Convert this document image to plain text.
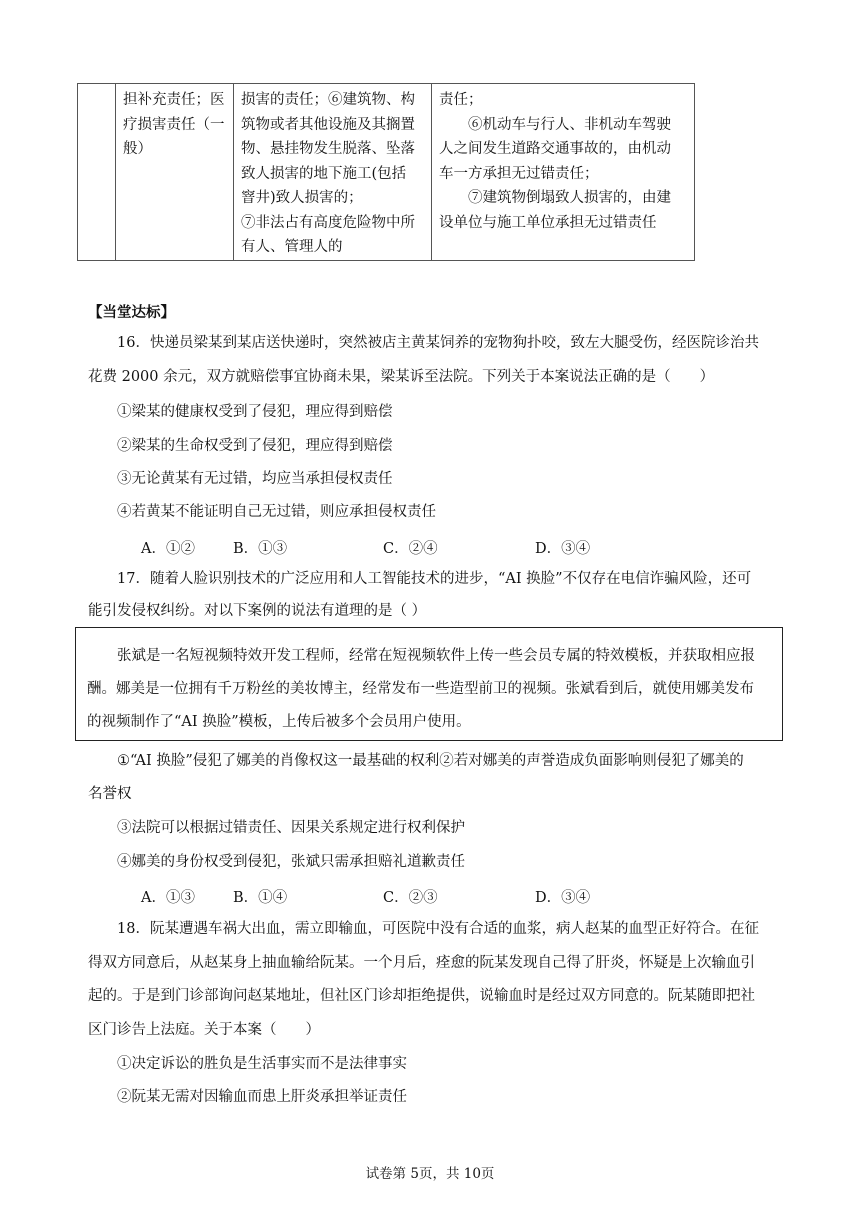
担补充责任；医
疗损害责任（一
般）

损害的责任；⑥建筑物、构
筑物或者其他设施及其搁置
物、悬挂物发生脱落、坠落
致人损害的地下施工(包括
窨井)致人损害的；
⑦非法占有高度危险物中所
有人、管理人的

责任；
⑥机动车与行人、非机动车驾驶
人之间发生道路交通事故的，由机动
车一方承担无过错责任；
⑦建筑物倒塌致人损害的，由建
设单位与施工单位承担无过错责任
【当堂达标】
16．快递员梁某到某店送快递时，突然被店主黄某饲养的宠物狗扑咬，致左大腿受伤，经医院诊治共
花费 2000 余元，双方就赔偿事宜协商未果，梁某诉至法院。下列关于本案说法正确的是（　　）
①梁某的健康权受到了侵犯，理应得到赔偿
②梁某的生命权受到了侵犯，理应得到赔偿
③无论黄某有无过错，均应当承担侵权责任
④若黄某不能证明自己无过错，则应承担侵权责任
A．①②	B．①③	C．②④	D．③④
17．随着人脸识别技术的广泛应用和人工智能技术的进步，“AI 换脸”不仅存在电信诈骗风险，还可
能引发侵权纠纷。对以下案例的说法有道理的是（ ）
张斌是一名短视频特效开发工程师，经常在短视频软件上传一些会员专属的特效模板，并获取相应报
酬。娜美是一位拥有千万粉丝的美妆博主，经常发布一些造型前卫的视频。张斌看到后，就使用娜美发布
的视频制作了“AI 换脸”模板，上传后被多个会员用户使用。
①“AI 换脸”侵犯了娜美的肖像权这一最基础的权利②若对娜美的声誉造成负面影响则侵犯了娜美的
名誉权
③法院可以根据过错责任、因果关系规定进行权利保护
④娜美的身份权受到侵犯，张斌只需承担赔礼道歉责任
A．①③	B．①④	C．②③	D．③④
18．阮某遭遇车祸大出血，需立即输血，可医院中没有合适的血浆，病人赵某的血型正好符合。在征
得双方同意后，从赵某身上抽血输给阮某。一个月后，痊愈的阮某发现自己得了肝炎，怀疑是上次输血引
起的。于是到门诊部询问赵某地址，但社区门诊却拒绝提供，说输血时是经过双方同意的。阮某随即把社
区门诊告上法庭。关于本案（　　）
①决定诉讼的胜负是生活事实而不是法律事实
②阮某无需对因输血而患上肝炎承担举证责任
试卷第 5页，共 10页
